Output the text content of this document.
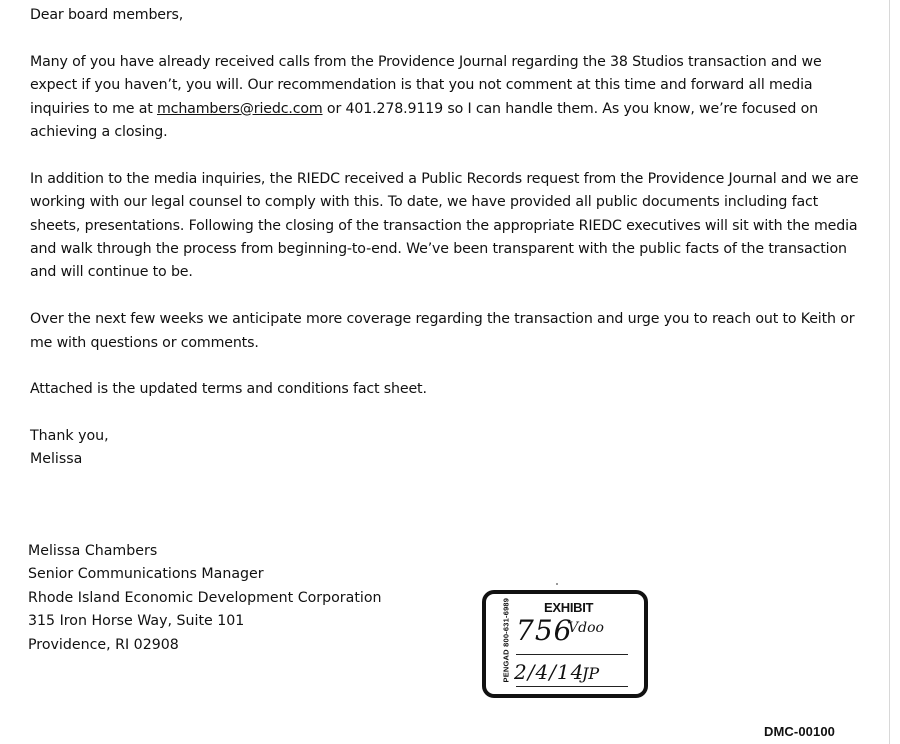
Dear board members,

Many of you have already received calls from the Providence Journal regarding the 38 Studios transaction and we expect if you haven’t, you will. Our recommendation is that you not comment at this time and forward all media inquiries to me at mchambers@riedc.com or 401.278.9119 so I can handle them. As you know, we’re focused on achieving a closing.

In addition to the media inquiries, the RIEDC received a Public Records request from the Providence Journal and we are working with our legal counsel to comply with this. To date, we have provided all public documents including fact sheets, presentations. Following the closing of the transaction the appropriate RIEDC executives will sit with the media and walk through the process from beginning-to-end. We’ve been transparent with the public facts of the transaction and will continue to be.

Over the next few weeks we anticipate more coverage regarding the transaction and urge you to reach out to Keith or me with questions or comments.

Attached is the updated terms and conditions fact sheet.

Thank you,
Melissa
Melissa Chambers
Senior Communications Manager
Rhode Island Economic Development Corporation
315 Iron Horse Way, Suite 101
Providence, RI 02908	PENGAD 800-631-6989	EXHIBIT
756
Vdoo
2/4/14
JP
DMC-00100
